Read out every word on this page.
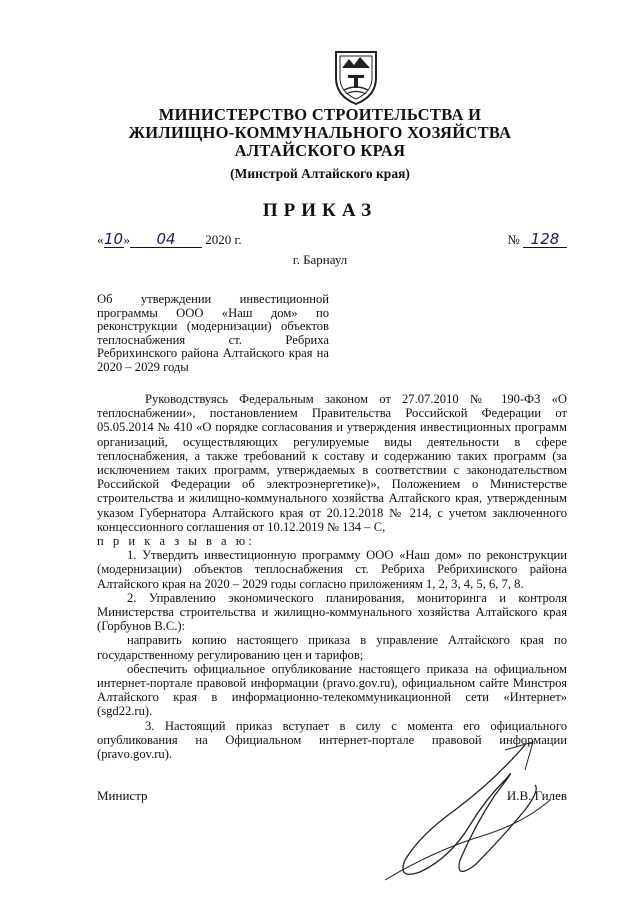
МИНИСТЕРСТВО СТРОИТЕЛЬСТВА И
ЖИЛИЩНО-КОММУНАЛЬНОГО ХОЗЯЙСТВА
АЛТАЙСКОГО КРАЯ
(Минстрой Алтайского края)
ПРИКАЗ
«10» 04 2020 г.	№ 128
г. Барнаул
Об утверждении инвестиционной программы ООО «Наш дом» по реконструкции (модернизации) объектов теплоснабжения ст. Ребриха Ребрихинского района Алтайского края на 2020 – 2029 годы

Руководствуясь Федеральным законом от 27.07.2010 № 190-ФЗ «О теплоснабжении», постановлением Правительства Российской Федерации от 05.05.2014 № 410 «О порядке согласования и утверждения инвестиционных программ организаций, осуществляющих регулируемые виды деятельности в сфере теплоснабжения, а также требований к составу и содержанию таких программ (за исключением таких программ, утверждаемых в соответствии с законодательством Российской Федерации об электроэнергетике)», Положением о Министерстве строительства и жилищно-коммунального хозяйства Алтайского края, утвержденным указом Губернатора Алтайского края от 20.12.2018 № 214, с учетом заключенного концессионного соглашения от 10.12.2019 № 134 – С,

п р и к а з ы в а ю:

1. Утвердить инвестиционную программу ООО «Наш дом» по реконструкции (модернизации) объектов теплоснабжения ст. Ребриха Ребрихинского района Алтайского края на 2020 – 2029 годы согласно приложениям 1, 2, 3, 4, 5, 6, 7, 8.

2. Управлению экономического планирования, мониторинга и контроля Министерства строительства и жилищно-коммунального хозяйства Алтайского края (Горбунов В.С.):

направить копию настоящего приказа в управление Алтайского края по государственному регулированию цен и тарифов;

обеспечить официальное опубликование настоящего приказа на официальном интернет-портале правовой информации (pravo.gov.ru), официальном сайте Минстроя Алтайского края в информационно-телекоммуникационной сети «Интернет» (sgd22.ru).

3. Настоящий приказ вступает в силу с момента его официального опубликования на Официальном интернет-портале правовой информации (pravo.gov.ru).

Министр	И.В. Гилев
